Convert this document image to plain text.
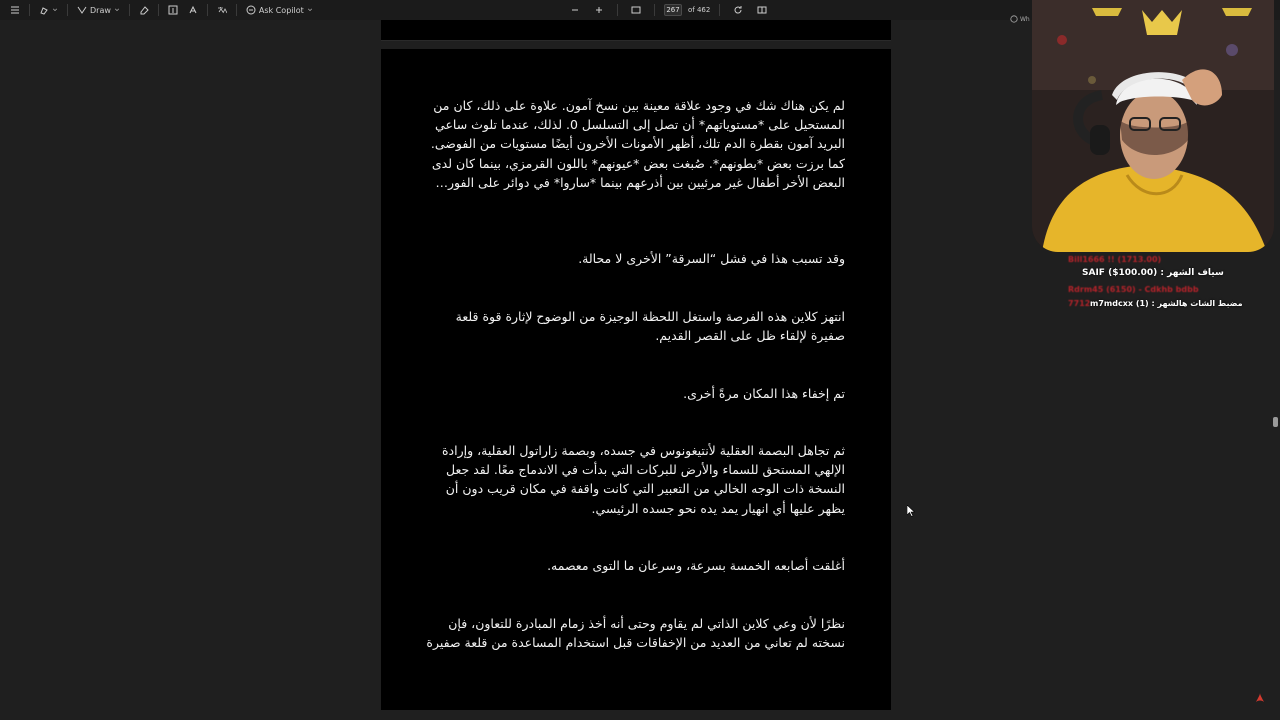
Draw	Ask Copilot	267	of 462
Wh

لم يكن هناك شك في وجود علاقة معينة بين نسخ آمون. علاوة على ذلك، كان من المستحيل على *مستوياتهم* أن تصل إلى التسلسل 0. لذلك، عندما تلوث ساعي البريد آمون بقطرة الدم تلك، أظهر الأمونات الأخرون أيضًا مستويات من الفوضى. كما برزت بعض *بطونهم*. صُبغت بعض *عيونهم* باللون القرمزي، بينما كان لدى البعض الأخر أطفال غير مرئيين بين أذرعهم بينما *ساروا* في دوائر على الفور…

وقد تسبب هذا في فشل “السرقة” الأخرى لا محالة.

انتهز كلاين هذه الفرصة واستغل اللحظة الوجيزة من الوضوح لإثارة قوة قلعة صفيرة لإلقاء ظل على القصر القديم.

تم إخفاء هذا المكان مرةً أخرى.

ثم تجاهل البصمة العقلية لأنتيغونوس في جسده، وبصمة زاراتول العقلية، وإرادة الإلهي المستحق للسماء والأرض للبركات التي بدأت في الاندماج معًا. لقد جعل النسخة ذات الوجه الخالي من التعبير التي كانت واقفة في مكان قريب دون أن يظهر عليها أي انهيار يمد يده نحو جسده الرئيسي.

أغلقت أصابعه الخمسة بسرعة، وسرعان ما التوى معصمه.

نظرًا لأن وعي كلاين الذاتي لم يقاوم وحتى أنه أخذ زمام المبادرة للتعاون، فإن نسخته لم تعاني من العديد من الإخفاقات قبل استخدام المساعدة من قلعة صفيرة

Bill1666 !! (1713.00)
سياف الشهر : SAIF ($100.00)
Rdrm45 (6150) - Cdkhb bdbb
7712 مضبط الشات هالشهر : m7mdcxx (1)
